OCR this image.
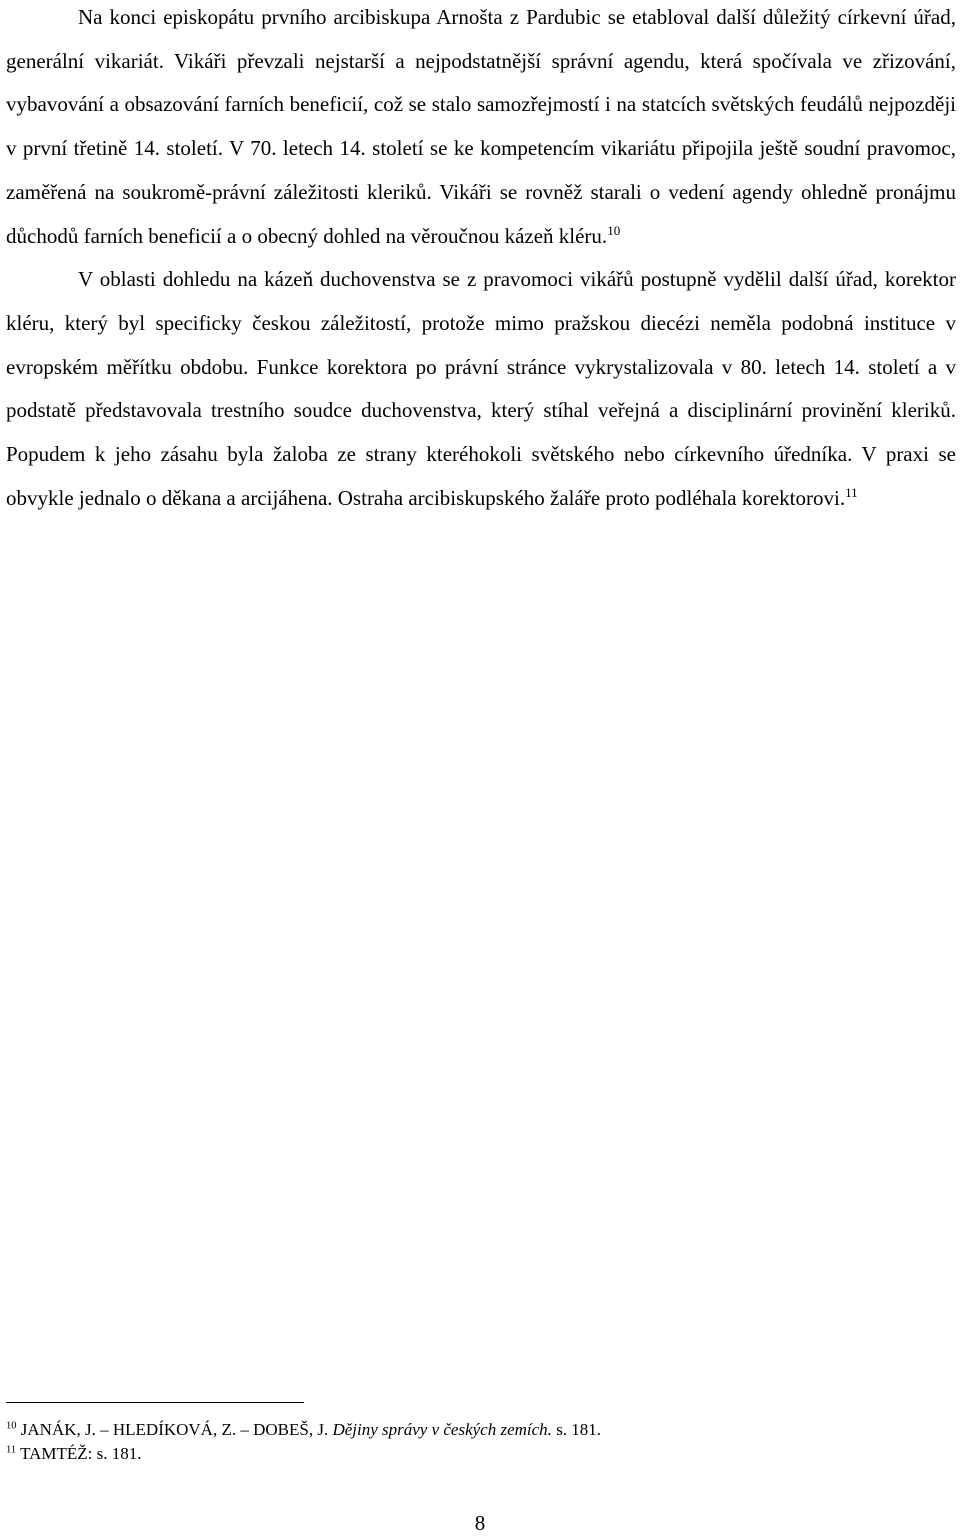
Na konci episkopátu prvního arcibiskupa Arnošta z Pardubic se etabloval další důležitý církevní úřad, generální vikariát. Vikáři převzali nejstarší a nejpodstatnější správní agendu, která spočívala ve zřizování, vybavování a obsazování farních beneficií, což se stalo samozřejmostí i na statcích světských feudálů nejpozději v první třetině 14. století. V 70. letech 14. století se ke kompetencím vikariátu připojila ještě soudní pravomoc, zaměřená na soukromě-právní záležitosti kleriků. Vikáři se rovněž starali o vedení agendy ohledně pronájmu důchodů farních beneficií a o obecný dohled na věroučnou kázeň kléru.$^{10}$

V oblasti dohledu na kázeň duchovenstva se z pravomoci vikářů postupně vydělil další úřad, korektor kléru, který byl specificky českou záležitostí, protože mimo pražskou diecézi neměla podobná instituce v evropském měřítku obdobu. Funkce korektora po právní stránce vykrystalizovala v 80. letech 14. století a v podstatě představovala trestního soudce duchovenstva, který stíhal veřejná a disciplinární provinění kleriků. Popudem k jeho zásahu byla žaloba ze strany kteréhokoli světského nebo církevního úředníka. V praxi se obvykle jednalo o děkana a arcijáhena. Ostraha arcibiskupského žaláře proto podléhala korektorovi.$^{11}$

$^{10}$ JANÁK, J. – HLEDÍKOVÁ, Z. – DOBEŠ, J. Dějiny správy v českých zemích. s. 181.

$^{11}$ TAMTÉŽ: s. 181.

8
